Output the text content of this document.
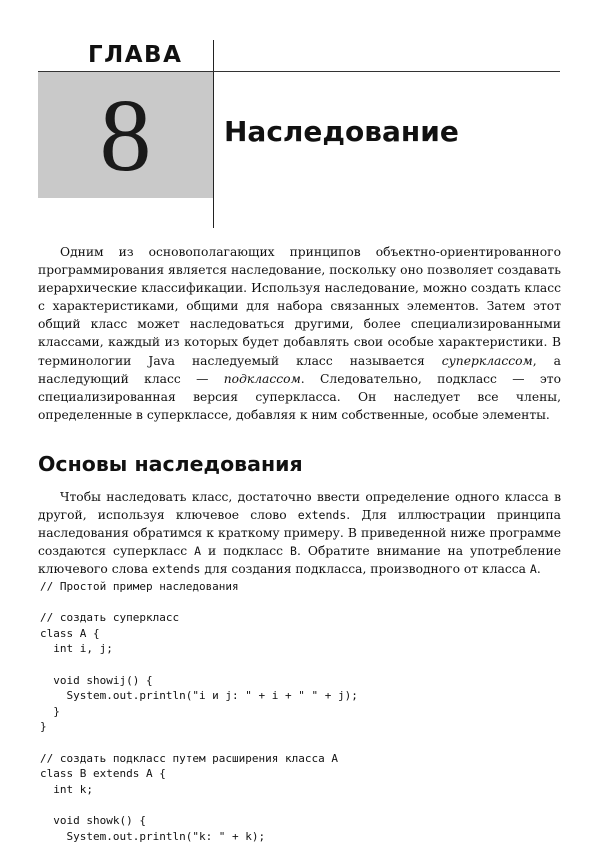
ГЛАВА
8	Наследование

Одним из основополагающих принципов объектно-ориентированного программирования является наследование, поскольку оно позволяет создавать иерархические классификации. Используя наследование, можно создать класс с характеристиками, общими для набора связанных элементов. Затем этот общий класс может наследоваться другими, более специализированными классами, каждый из которых будет добавлять свои особые характеристики. В терминологии Java наследуемый класс называется суперклассом, а наследующий класс — подклассом. Следовательно, подкласс — это специализированная версия суперкласса. Он наследует все члены, определенные в суперклассе, добавляя к ним собственные, особые элементы.

Основы наследования

Чтобы наследовать класс, достаточно ввести определение одного класса в другой, используя ключевое слово extends. Для иллюстрации принципа наследования обратимся к краткому примеру. В приведенной ниже программе создаются суперкласс A и подкласс B. Обратите внимание на употребление ключевого слова extends для создания подкласса, производного от класса A.

// Простой пример наследования
// создать суперкласс
class A {
int i, j;
void showij() {
System.out.println("i и j: " + i + " " + j);
}
}
// создать подкласс путем расширения класса A
class B extends A {
int k;
void showk() {
System.out.println("k: " + k);
